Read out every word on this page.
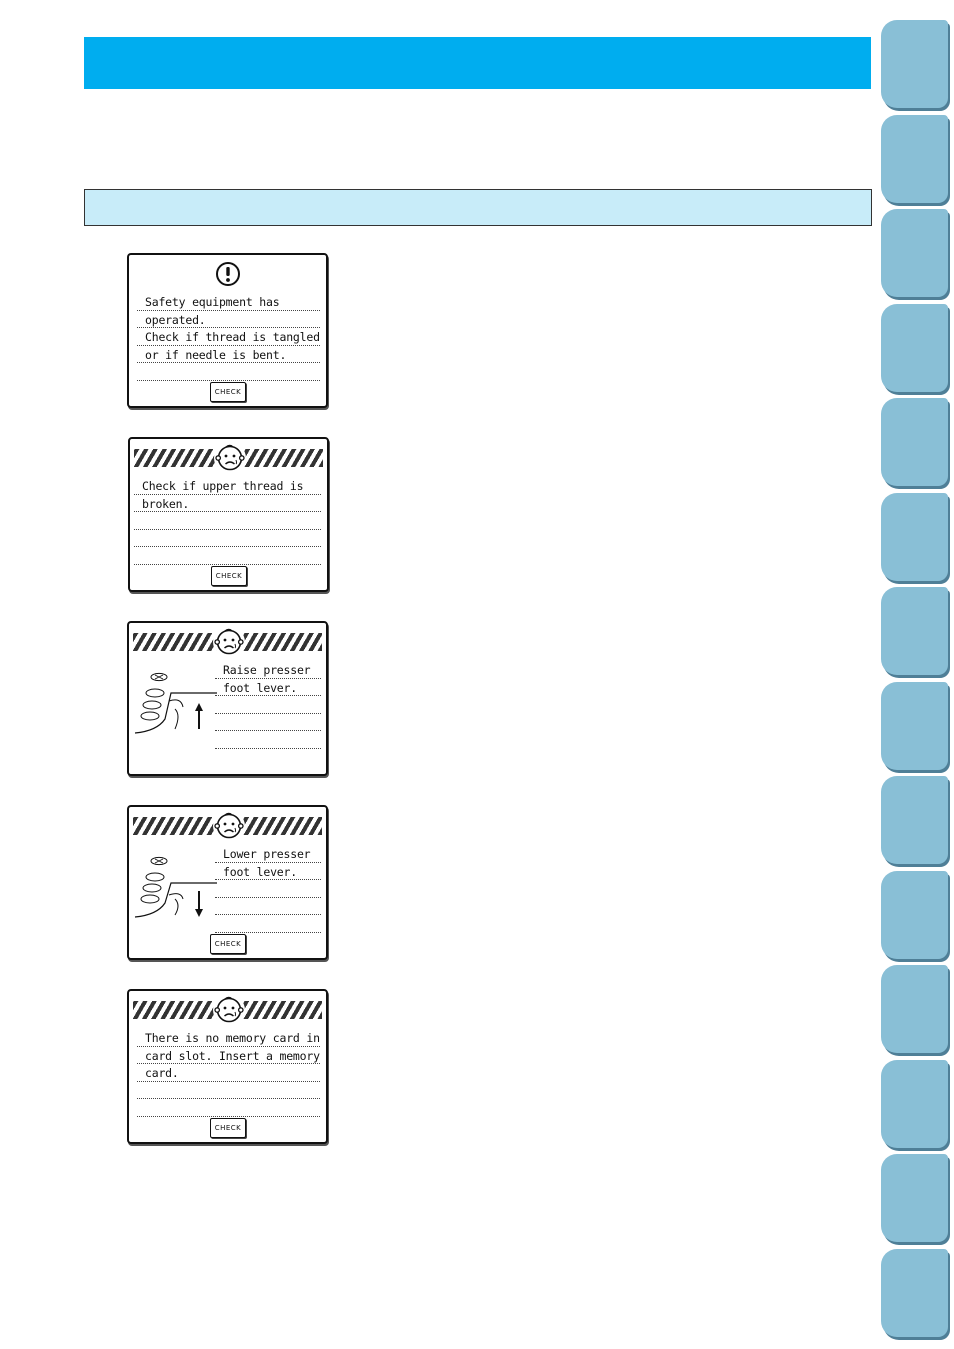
Safety equipment has
operated.
Check if thread is tangled
or if needle is bent.
CHECK
Check if upper thread is
broken.
CHECK
Raise presser
foot lever.
Lower presser
foot lever.
CHECK
There is no memory card in
card slot. Insert a memory
card.
CHECK
